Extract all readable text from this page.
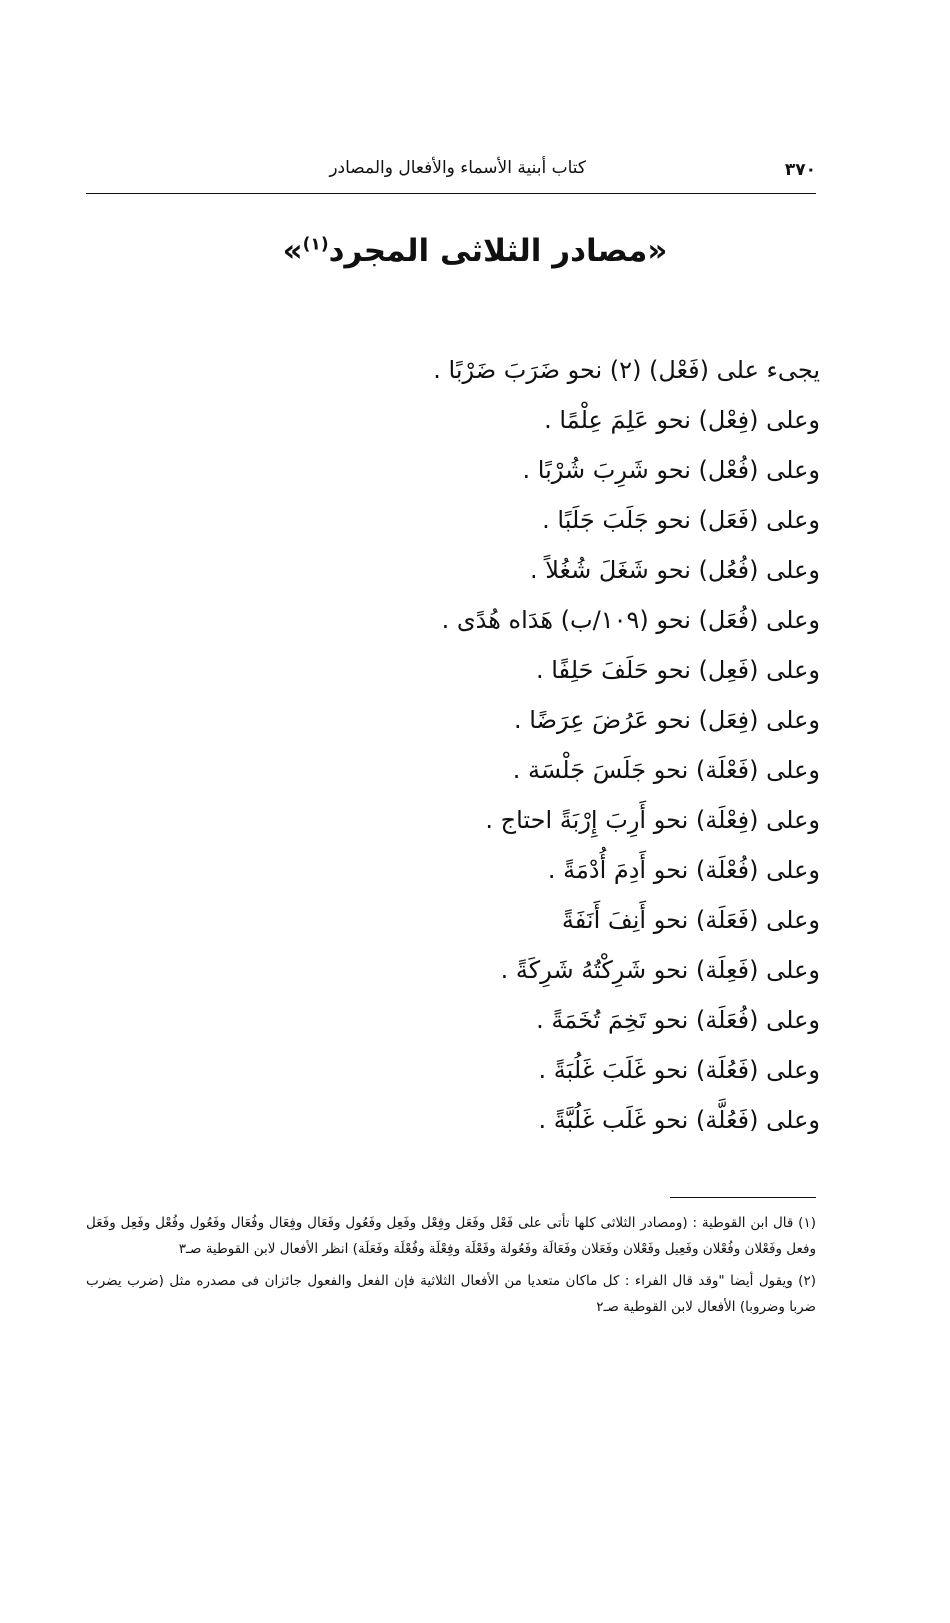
٣٧٠
كتاب أبنية الأسماء والأفعال والمصادر
«مصادر الثلاثى المجرد$^{(١)}$»
يجىء على (فَعْل) (٢) نحو ضَرَبَ ضَرْبًا .
وعلى (فِعْل) نحو عَلِمَ عِلْمًا .
وعلى (فُعْل) نحو شَرِبَ شُرْبًا .
وعلى (فَعَل) نحو جَلَبَ جَلَبًا .
وعلى (فُعُل) نحو شَغَلَ شُغُلاً .
وعلى (فُعَل) نحو (١٠٩/ب) هَدَاه هُدًى .
وعلى (فَعِل) نحو حَلَفَ حَلِفًا .
وعلى (فِعَل) نحو عَرُضَ عِرَضًا .
وعلى (فَعْلَة) نحو جَلَسَ جَلْسَة .
وعلى (فِعْلَة) نحو أَرِبَ إِرْبَةً احتاج .
وعلى (فُعْلَة) نحو أَدِمَ أُدْمَةً .
وعلى (فَعَلَة) نحو أَنِفَ أَنَفَةً
وعلى (فَعِلَة) نحو شَرِكْتُهُ شَرِكَةً .
وعلى (فُعَلَة) نحو تَخِمَ تُخَمَةً .
وعلى (فَعُلَة) نحو غَلَبَ غَلُبَةً .
وعلى (فَعُلَّة) نحو غَلَب غَلُبَّةً .
(١) قال ابن القوطية : (ومصادر الثلاثى كلها تأتى على فَعْل وفَعَل وفِعْل وفَعِل وفَعُول وفَعَال وفِعَال وفُعَال وفَعُول وفُعْل وفَعِل وفَعَل وفعل وفَعْلان وفُعْلان وفَعِيل وفَعْلان وفَعَلان وفَعَالَة وفَعُولة وفَعْلَة وفِعْلَة وفُعْلَة وفَعَلَة) انظر الأفعال لابن القوطية صـ٣
(٢) ويقول أيضا "وقد قال الفراء : كل ماكان متعديا من الأفعال الثلاثية فإن الفعل والفعول جائزان فى مصدره مثل (ضرب يضرب ضربا وضروبا) الأفعال لابن القوطية صـ٢
